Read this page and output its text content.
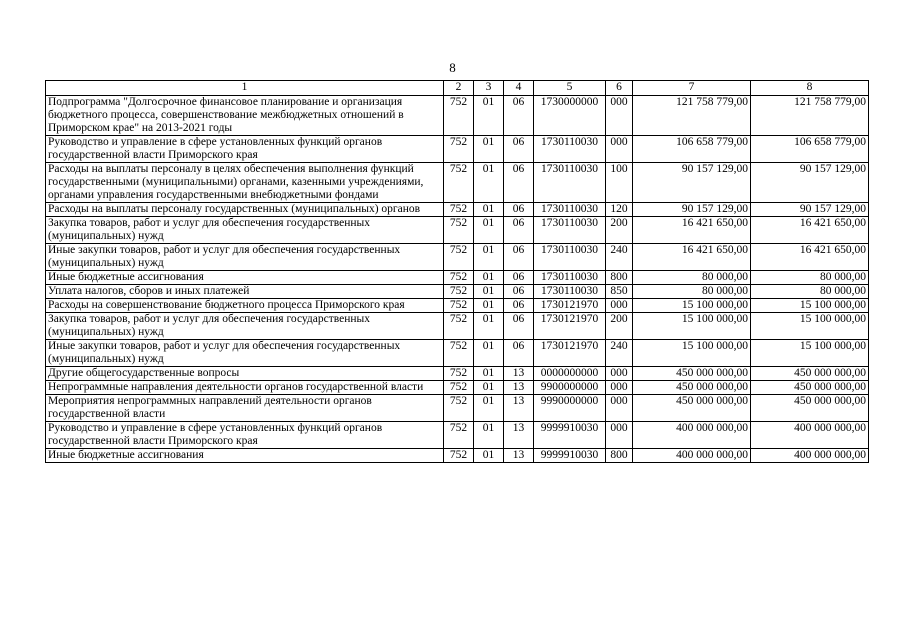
8
1	2	3	4	5	6	7	8
Подпрограмма "Долгосрочное финансовое планирование и организация бюджетного процесса, совершенствование межбюджетных отношений в Приморском крае" на 2013-2021 годы	752	01	06	1730000000	000	121 758 779,00	121 758 779,00
Руководство и управление в сфере установленных функций органов государственной власти Приморского края	752	01	06	1730110030	000	106 658 779,00	106 658 779,00
Расходы на выплаты персоналу в целях обеспечения выполнения функций государственными (муниципальными) органами, казенными учреждениями, органами управления государственными внебюджетными фондами	752	01	06	1730110030	100	90 157 129,00	90 157 129,00
Расходы на выплаты персоналу государственных (муниципальных) органов	752	01	06	1730110030	120	90 157 129,00	90 157 129,00
Закупка товаров, работ и услуг для обеспечения государственных (муниципальных) нужд	752	01	06	1730110030	200	16 421 650,00	16 421 650,00
Иные закупки товаров, работ и услуг для обеспечения государственных (муниципальных) нужд	752	01	06	1730110030	240	16 421 650,00	16 421 650,00
Иные бюджетные ассигнования	752	01	06	1730110030	800	80 000,00	80 000,00
Уплата налогов, сборов и иных платежей	752	01	06	1730110030	850	80 000,00	80 000,00
Расходы на совершенствование бюджетного процесса Приморского края	752	01	06	1730121970	000	15 100 000,00	15 100 000,00
Закупка товаров, работ и услуг для обеспечения государственных (муниципальных) нужд	752	01	06	1730121970	200	15 100 000,00	15 100 000,00
Иные закупки товаров, работ и услуг для обеспечения государственных (муниципальных) нужд	752	01	06	1730121970	240	15 100 000,00	15 100 000,00
Другие общегосударственные вопросы	752	01	13	0000000000	000	450 000 000,00	450 000 000,00
Непрограммные направления деятельности органов государственной власти	752	01	13	9900000000	000	450 000 000,00	450 000 000,00
Мероприятия непрограммных направлений деятельности органов государственной власти	752	01	13	9990000000	000	450 000 000,00	450 000 000,00
Руководство и управление в сфере установленных функций органов государственной власти Приморского края	752	01	13	9999910030	000	400 000 000,00	400 000 000,00
Иные бюджетные ассигнования	752	01	13	9999910030	800	400 000 000,00	400 000 000,00
